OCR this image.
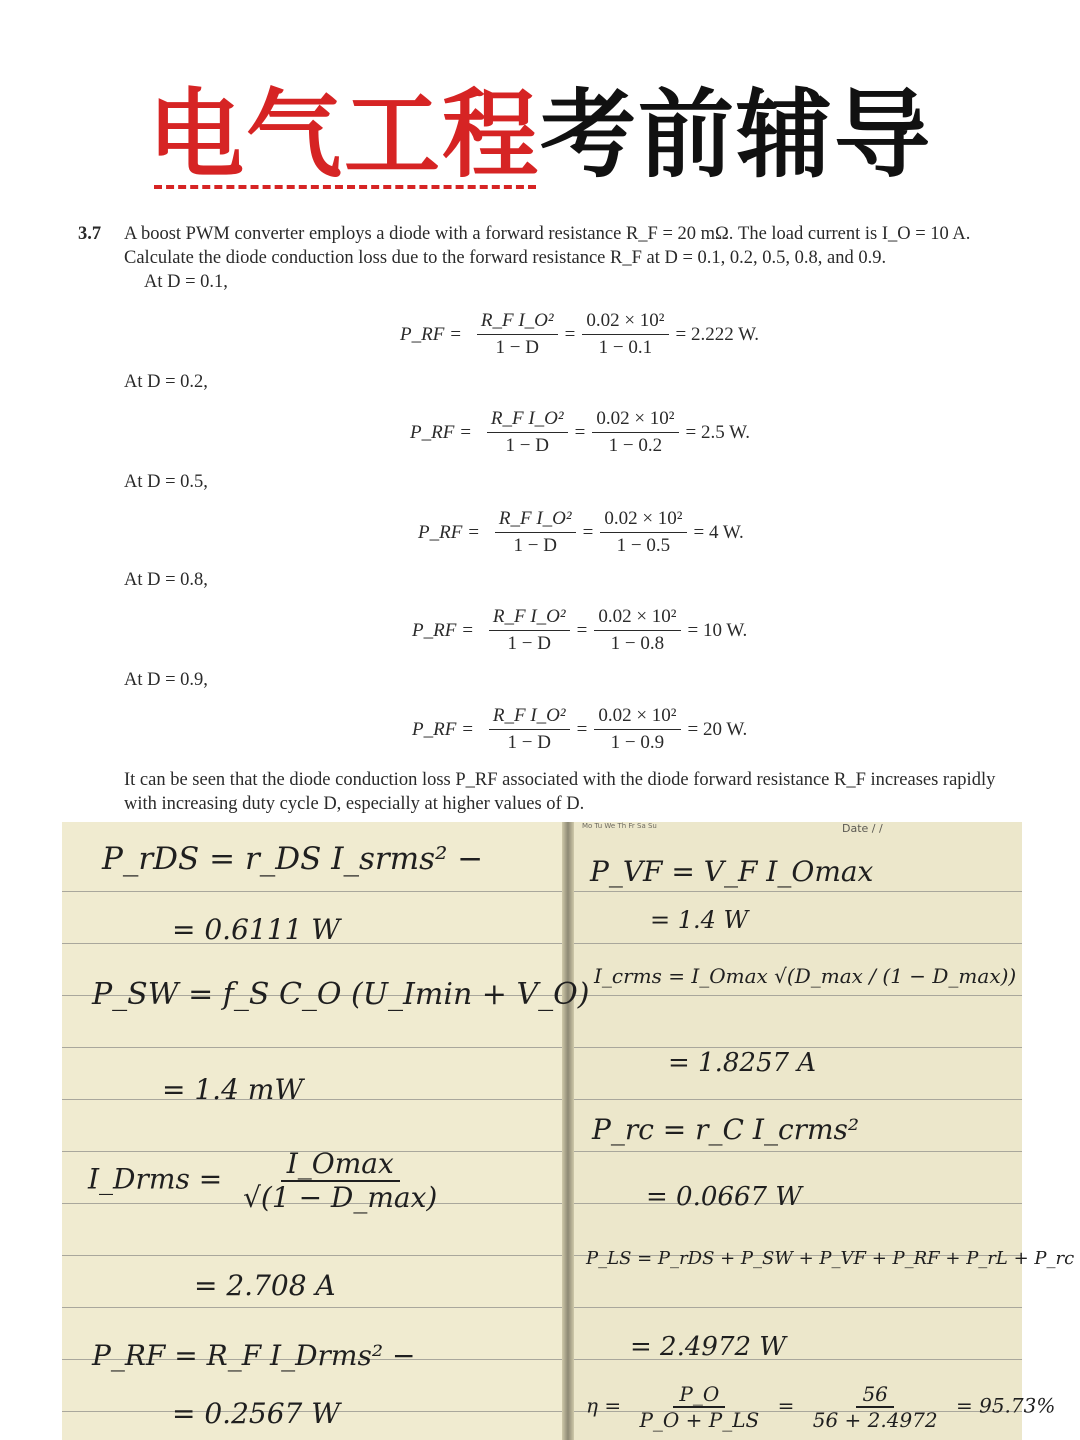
电气工程考前辅导
3.7 A boost PWM converter employs a diode with a forward resistance R_F = 20 mΩ. The load current is I_O = 10 A. Calculate the diode conduction loss due to the forward resistance R_F at D = 0.1, 0.2, 0.5, 0.8, and 0.9.
At D = 0.1,
P_RF = $\frac{\text{R\_F I\_O²}}{1 - D} = \frac{\text{0.02 × 10²}}{1 - 0.1} = 2.222$ W.
At D = 0.2,
P_RF = $\frac{\text{R\_F I\_O²}}{1 - D} = \frac{\text{0.02 × 10²}}{1 - 0.2} = 2.5$ W.
At D = 0.5,
P_RF = $\frac{\text{R\_F I\_O²}}{1 - D} = \frac{\text{0.02 × 10²}}{1 - 0.5} = 4$ W.
At D = 0.8,
P_RF = $\frac{\text{R\_F I\_O²}}{1 - D} = \frac{\text{0.02 × 10²}}{1 - 0.8} = 10$ W.
At D = 0.9,
P_RF = $\frac{\text{R\_F I\_O²}}{1 - D} = \frac{\text{0.02 × 10²}}{1 - 0.9} = 20$ W.
It can be seen that the diode conduction loss P_RF associated with the diode forward resistance R_F increases rapidly with increasing duty cycle D, especially at higher values of D.
Mo Tu We Th Fr Sa Su	Date / /
P_rDS = r_DS I_srms² −
= 0.6111 W
P_SW = f_S C_O (U_Imin + V_O)
= 1.4 mW
I_Drms = I_Omax
√(1 − D_max)
= 2.708 A
P_RF = R_F I_Drms² −
= 0.2567 W
P_VF = V_F I_Omax
= 1.4 W
I_crms = I_Omax √(D_max / (1 − D_max))
= 1.8257 A
P_rc = r_C I_crms²
= 0.0667 W
P_LS = P_rDS + P_SW + P_VF + P_RF + P_rL + P_rc
= 2.4972 W
$\eta = \frac{P\_O}{P\_O + P\_LS} = \frac{56}{56 + 2.4972} = 95.73\%$
